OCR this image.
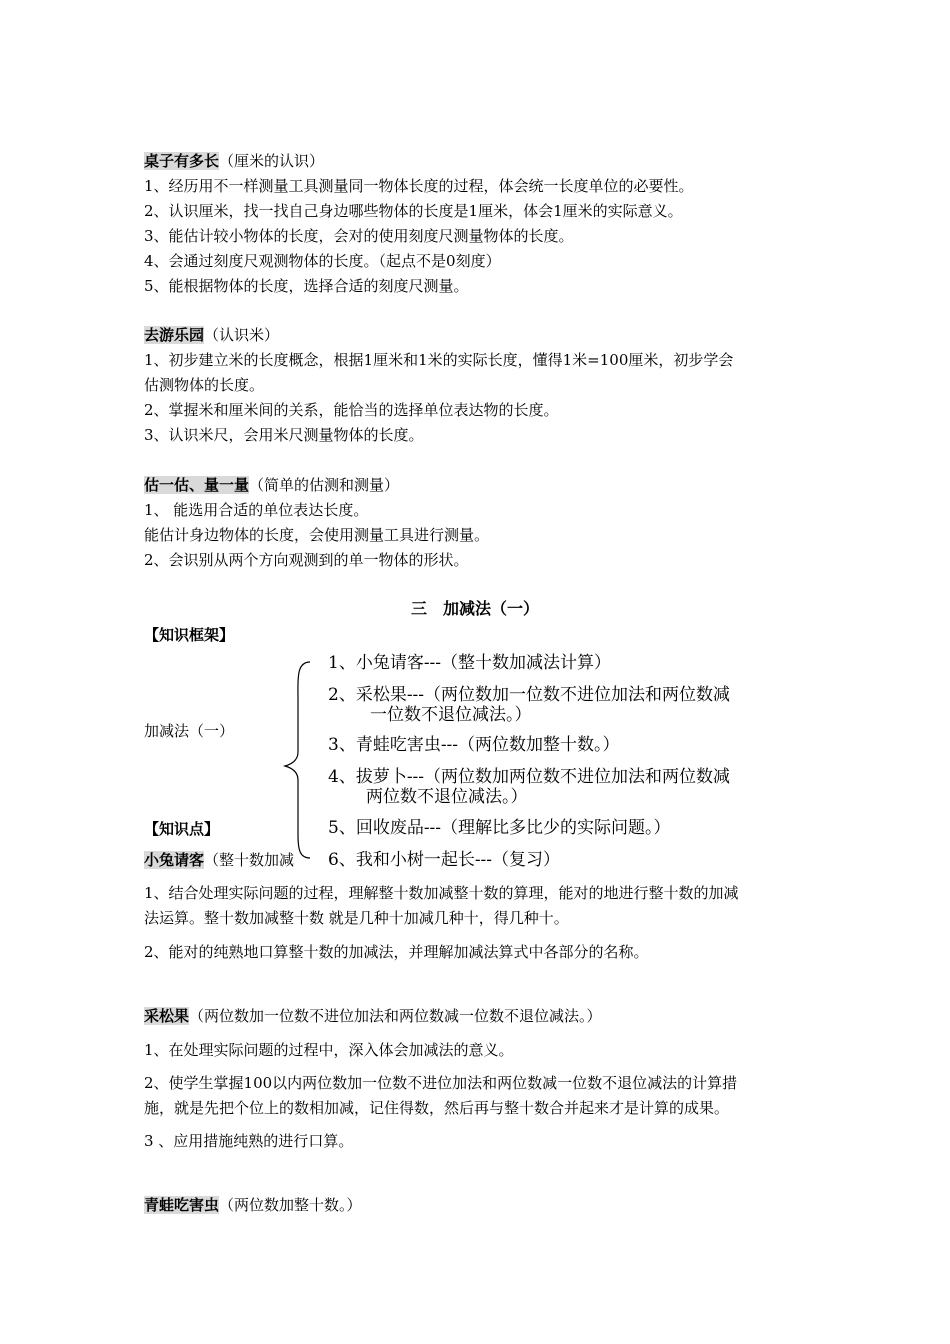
桌子有多长（厘米的认识）
1、经历用不一样测量工具测量同一物体长度的过程，体会统一长度单位的必要性。
2、认识厘米，找一找自己身边哪些物体的长度是1厘米，体会1厘米的实际意义。
3、能估计较小物体的长度，会对的使用刻度尺测量物体的长度。
4、会通过刻度尺观测物体的长度。（起点不是0刻度）
5、能根据物体的长度，选择合适的刻度尺测量。
去游乐园（认识米）
1、初步建立米的长度概念，根据1厘米和1米的实际长度，懂得1米=100厘米，初步学会
估测物体的长度。
2、掌握米和厘米间的关系，能恰当的选择单位表达物的长度。
3、认识米尺，会用米尺测量物体的长度。
估一估、量一量（简单的估测和测量）
1、 能选用合适的单位表达长度。
能估计身边物体的长度，会使用测量工具进行测量。
2、会识别从两个方向观测到的单一物体的形状。
三　加减法（一）
【知识框架】
加减法（一）
1、小兔请客---（整十数加减法计算）
2、采松果---（两位数加一位数不进位加法和两位数减
一位数不退位减法。）
3、青蛙吃害虫---（两位数加整十数。）
4、拔萝卜---（两位数加两位数不进位加法和两位数减
两位数不退位减法。）
5、回收废品---（理解比多比少的实际问题。）
6、我和小树一起长---（复习）
【知识点】
小兔请客（整十数加减
1、结合处理实际问题的过程，理解整十数加减整十数的算理，能对的地进行整十数的加减
法运算。整十数加减整十数 就是几种十加减几种十，得几种十。
2、能对的纯熟地口算整十数的加减法，并理解加减法算式中各部分的名称。
采松果（两位数加一位数不进位加法和两位数减一位数不退位减法。）
1、在处理实际问题的过程中，深入体会加减法的意义。
2、使学生掌握100以内两位数加一位数不进位加法和两位数减一位数不退位减法的计算措
施，就是先把个位上的数相加减，记住得数，然后再与整十数合并起来才是计算的成果。
3 、应用措施纯熟的进行口算。
青蛙吃害虫（两位数加整十数。）
